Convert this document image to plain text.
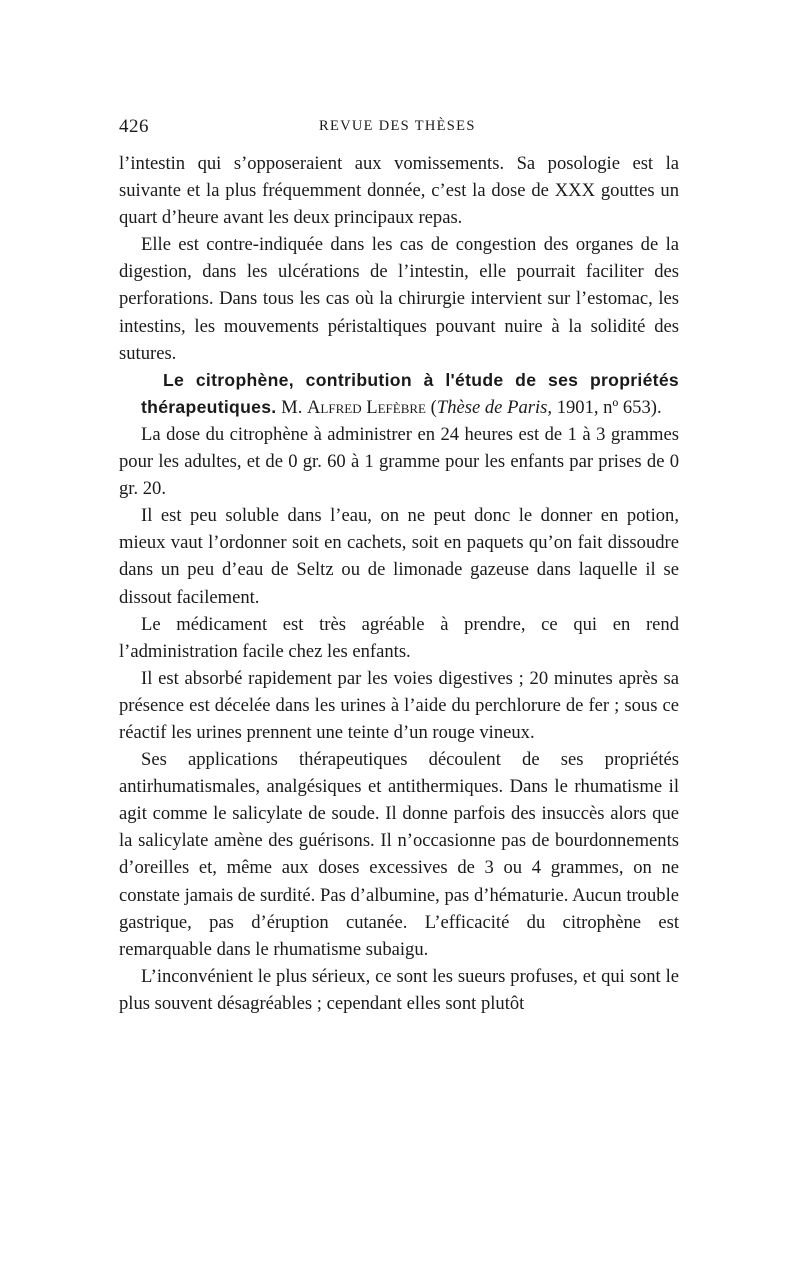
426	REVUE DES THÈSES

l’intestin qui s’opposeraient aux vomissements. Sa posologie est la suivante et la plus fréquemment donnée, c’est la dose de XXX gouttes un quart d’heure avant les deux principaux repas.

Elle est contre-indiquée dans les cas de congestion des organes de la digestion, dans les ulcérations de l’intestin, elle pourrait faciliter des perforations. Dans tous les cas où la chirurgie intervient sur l’estomac, les intestins, les mouvements péristaltiques pouvant nuire à la solidité des sutures.

Le citrophène, contribution à l'étude de ses propriétés thérapeutiques. M. Alfred Lefèbre (Thèse de Paris, 1901, nº 653).

La dose du citrophène à administrer en 24 heures est de 1 à 3 grammes pour les adultes, et de 0 gr. 60 à 1 gramme pour les enfants par prises de 0 gr. 20.

Il est peu soluble dans l’eau, on ne peut donc le donner en potion, mieux vaut l’ordonner soit en cachets, soit en paquets qu’on fait dissoudre dans un peu d’eau de Seltz ou de limonade gazeuse dans laquelle il se dissout facilement.

Le médicament est très agréable à prendre, ce qui en rend l’administration facile chez les enfants.

Il est absorbé rapidement par les voies digestives ; 20 minutes après sa présence est décelée dans les urines à l’aide du perchlorure de fer ; sous ce réactif les urines prennent une teinte d’un rouge vineux.

Ses applications thérapeutiques découlent de ses propriétés antirhumatismales, analgésiques et antithermiques. Dans le rhumatisme il agit comme le salicylate de soude. Il donne parfois des insuccès alors que la salicylate amène des guérisons. Il n’occasionne pas de bourdonnements d’oreilles et, même aux doses excessives de 3 ou 4 grammes, on ne constate jamais de surdité. Pas d’albumine, pas d’hématurie. Aucun trouble gastrique, pas d’éruption cutanée. L’efficacité du citrophène est remarquable dans le rhumatisme subaigu.

L’inconvénient le plus sérieux, ce sont les sueurs profuses, et qui sont le plus souvent désagréables ; cependant elles sont plutôt
